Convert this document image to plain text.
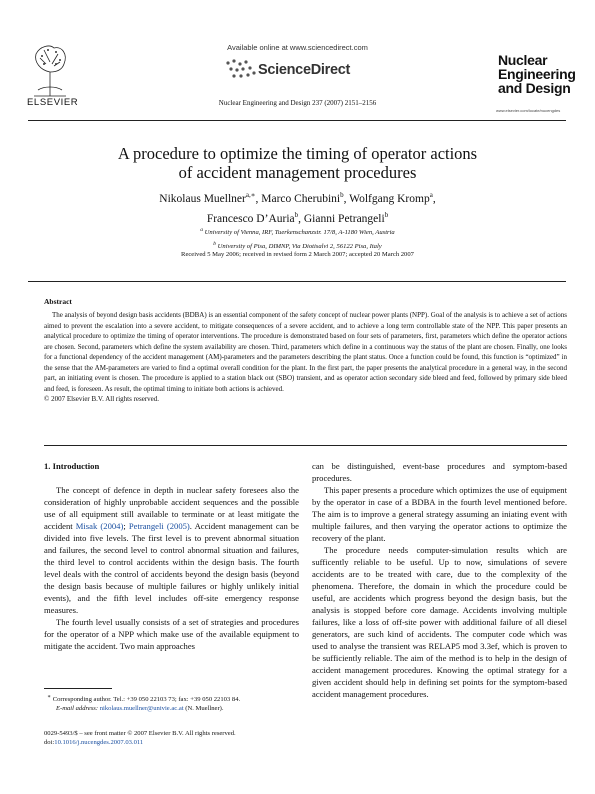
ELSEVIER
Available online at www.sciencedirect.com
ScienceDirect
Nuclear Engineering and Design 237 (2007) 2151–2156
Nuclear
Engineering
and Design
www.elsevier.com/locate/nucengdes
A procedure to optimize the timing of operator actions
of accident management procedures
Nikolaus Muellner$^{a,∗}$, Marco Cherubini$^b$, Wolfgang Kromp$^a$,
Francesco D’Auria$^b$, Gianni Petrangeli$^b$
$^a$ University of Vienna, IRF, Tuerkenschanzstr. 17/8, A-1180 Wien, Austria
$^b$ University of Pisa, DIMNP, Via Diotisalvi 2, 56122 Pisa, Italy
Received 5 May 2006; received in revised form 2 March 2007; accepted 20 March 2007
Abstract

The analysis of beyond design basis accidents (BDBA) is an essential component of the safety concept of nuclear power plants (NPP). Goal of the analysis is to achieve a set of actions aimed to prevent the escalation into a severe accident, to mitigate consequences of a severe accident, and to achieve a long term controllable state of the NPP. This paper presents an analytical procedure to optimize the timing of operator interventions. The procedure is demonstrated based on four sets of parameters, first, parameters which define the operator actions are chosen. Second, parameters which define the system availability are chosen. Third, parameters which define in a continuous way the status of the plant are chosen. Finally, one looks for a functional dependency of the accident management (AM)-parameters and the parameters describing the plant status. Once a function could be found, this function is “optimized” in the sense that the AM-parameters are varied to find a optimal overall condition for the plant. In the first part, the paper presents the analytical procedure in a general way, in the second part, an initiating event is chosen. The procedure is applied to a station black out (SBO) transient, and as operator action secondary side bleed and feed, followed by primary side bleed and feed, is foreseen. As result, the optimal timing to initiate both actions is achieved.

© 2007 Elsevier B.V. All rights reserved.

1. Introduction

The concept of defence in depth in nuclear safety foresees also the consideration of highly unprobable accident sequences and the possible use of all equipment still available to terminate or at least mitigate the accident Misak (2004); Petrangeli (2005). Accident management can be divided into five levels. The first level is to prevent abnormal situation and failures, the second level to control abnormal situation and failures, the third level to control accidents within the design basis. The fourth level deals with the control of accidents beyond the design basis (beyond the design basis because of multiple failures or highly unlikely initial events), and the fifth level includes off-site emergency response measures.

The fourth level usually consists of a set of strategies and procedures for the operator of a NPP which make use of the available equipment to mitigate the accident. Two main approaches

can be distinguished, event-base procedures and symptom-based procedures.

This paper presents a procedure which optimizes the use of equipment by the operator in case of a BDBA in the fourth level mentioned before. The aim is to improve a general strategy assuming an iniating event with multiple failures, and then varying the operator actions to optimize the recovery of the plant.

The procedure needs computer-simulation results which are sufficently reliable to be useful. Up to now, simulations of severe accidents are to be treated with care, due to the complexity of the phenomena. Therefore, the domain in which the procedure could be useful, are accidents which progress beyond the design basis, but the analysis is stopped before core damage. Accidents involving multiple failures, like a loss of off-site power with additional failure of all diesel generators, are such kind of accidents. The computer code which was used to analyse the transient was RELAP5 mod 3.3ef, which is proven to be sufficiently reliable. The aim of the method is to help in the design of accident management procedures. Knowing the optimal strategy for a given accident should help in defining set points for the symptom-based accident management procedures.

∗ Corresponding author. Tel.: +39 050 22103 73; fax: +39 050 22103 84.
E-mail address: nikolaus.muellner@univie.ac.at (N. Muellner).
0029-5493/$ – see front matter © 2007 Elsevier B.V. All rights reserved.
doi:10.1016/j.nucengdes.2007.03.011
